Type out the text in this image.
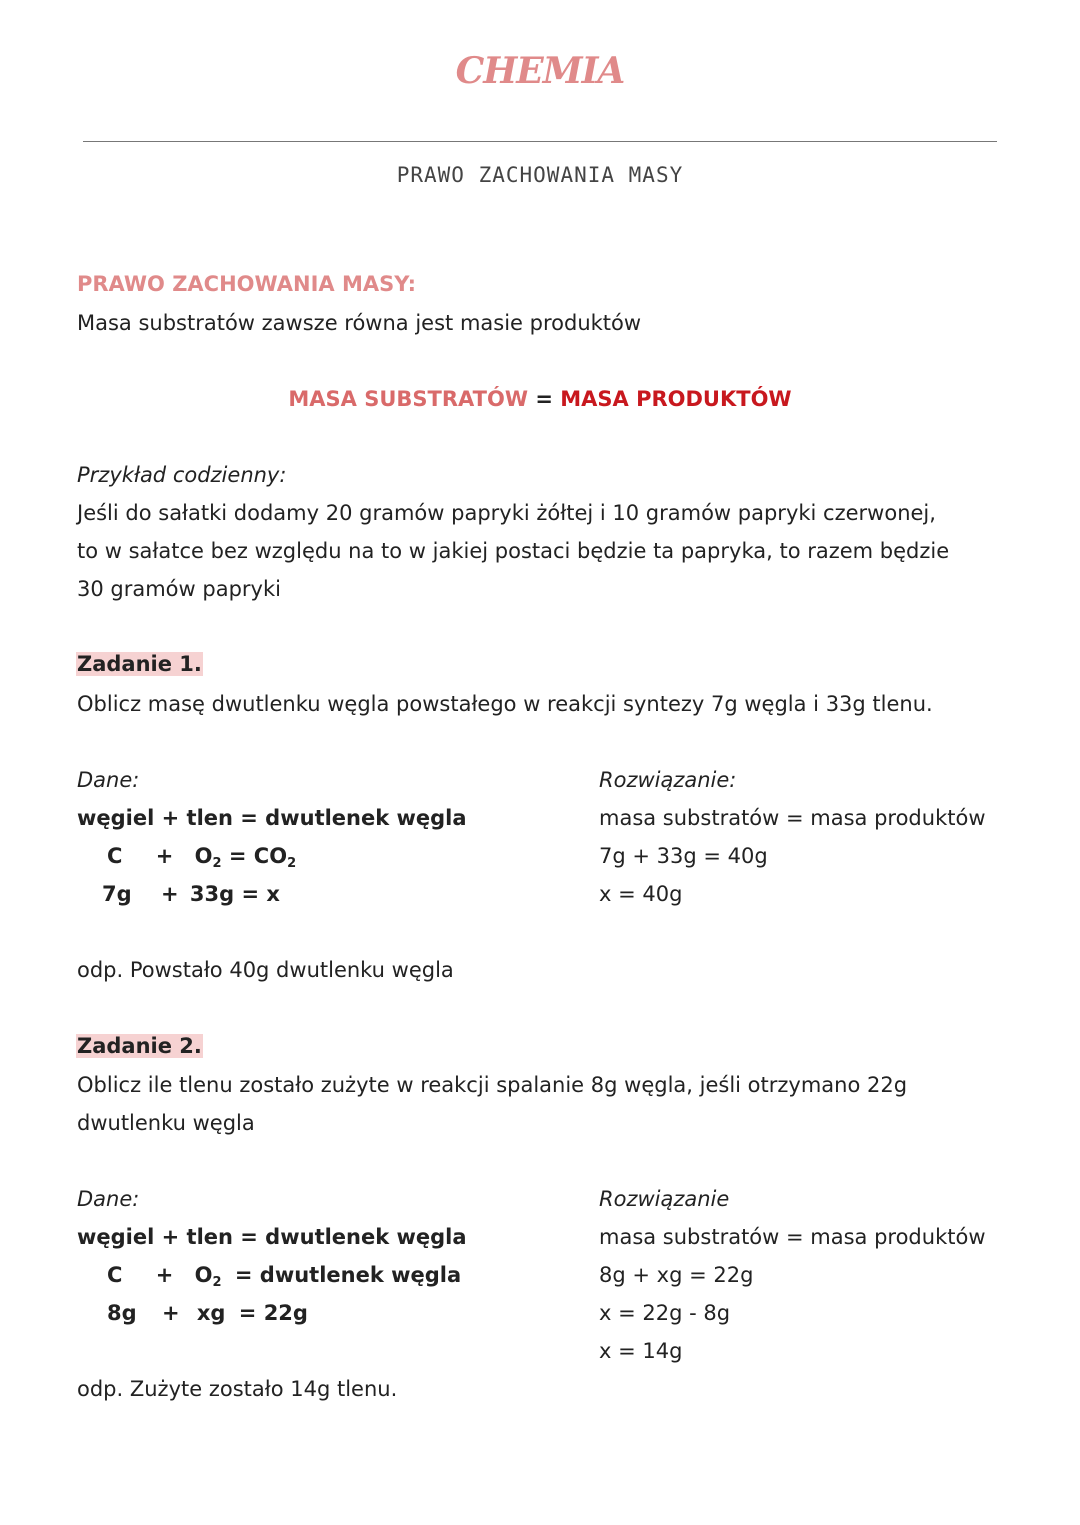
CHEMIA
PRAWO ZACHOWANIA MASY
PRAWO ZACHOWANIA MASY:
Masa substratów zawsze równa jest masie produktów
MASA SUBSTRATÓW = MASA PRODUKTÓW
Przykład codzienny:
Jeśli do sałatki dodamy 20 gramów papryki żółtej i 10 gramów papryki czerwonej,
to w sałatce bez względu na to w jakiej postaci będzie ta papryka, to razem będzie
30 gramów papryki
Zadanie 1.
Oblicz masę dwutlenku węgla powstałego w reakcji syntezy 7g węgla i 33g tlenu.
Dane:
węgiel + tlen = dwutlenek węgla
$C + O_2 = CO_2$
7g + 33g = x
Rozwiązanie:
masa substratów = masa produktów
7g + 33g = 40g
x = 40g
odp. Powstało 40g dwutlenku węgla
Zadanie 2.
Oblicz ile tlenu zostało zużyte w reakcji spalanie 8g węgla, jeśli otrzymano 22g
dwutlenku węgla
Dane:
węgiel + tlen = dwutlenek węgla
$C + O_2$ = dwutlenek węgla
8g + xg = 22g
Rozwiązanie
masa substratów = masa produktów
8g + xg = 22g
x = 22g - 8g
x = 14g
odp. Zużyte zostało 14g tlenu.
